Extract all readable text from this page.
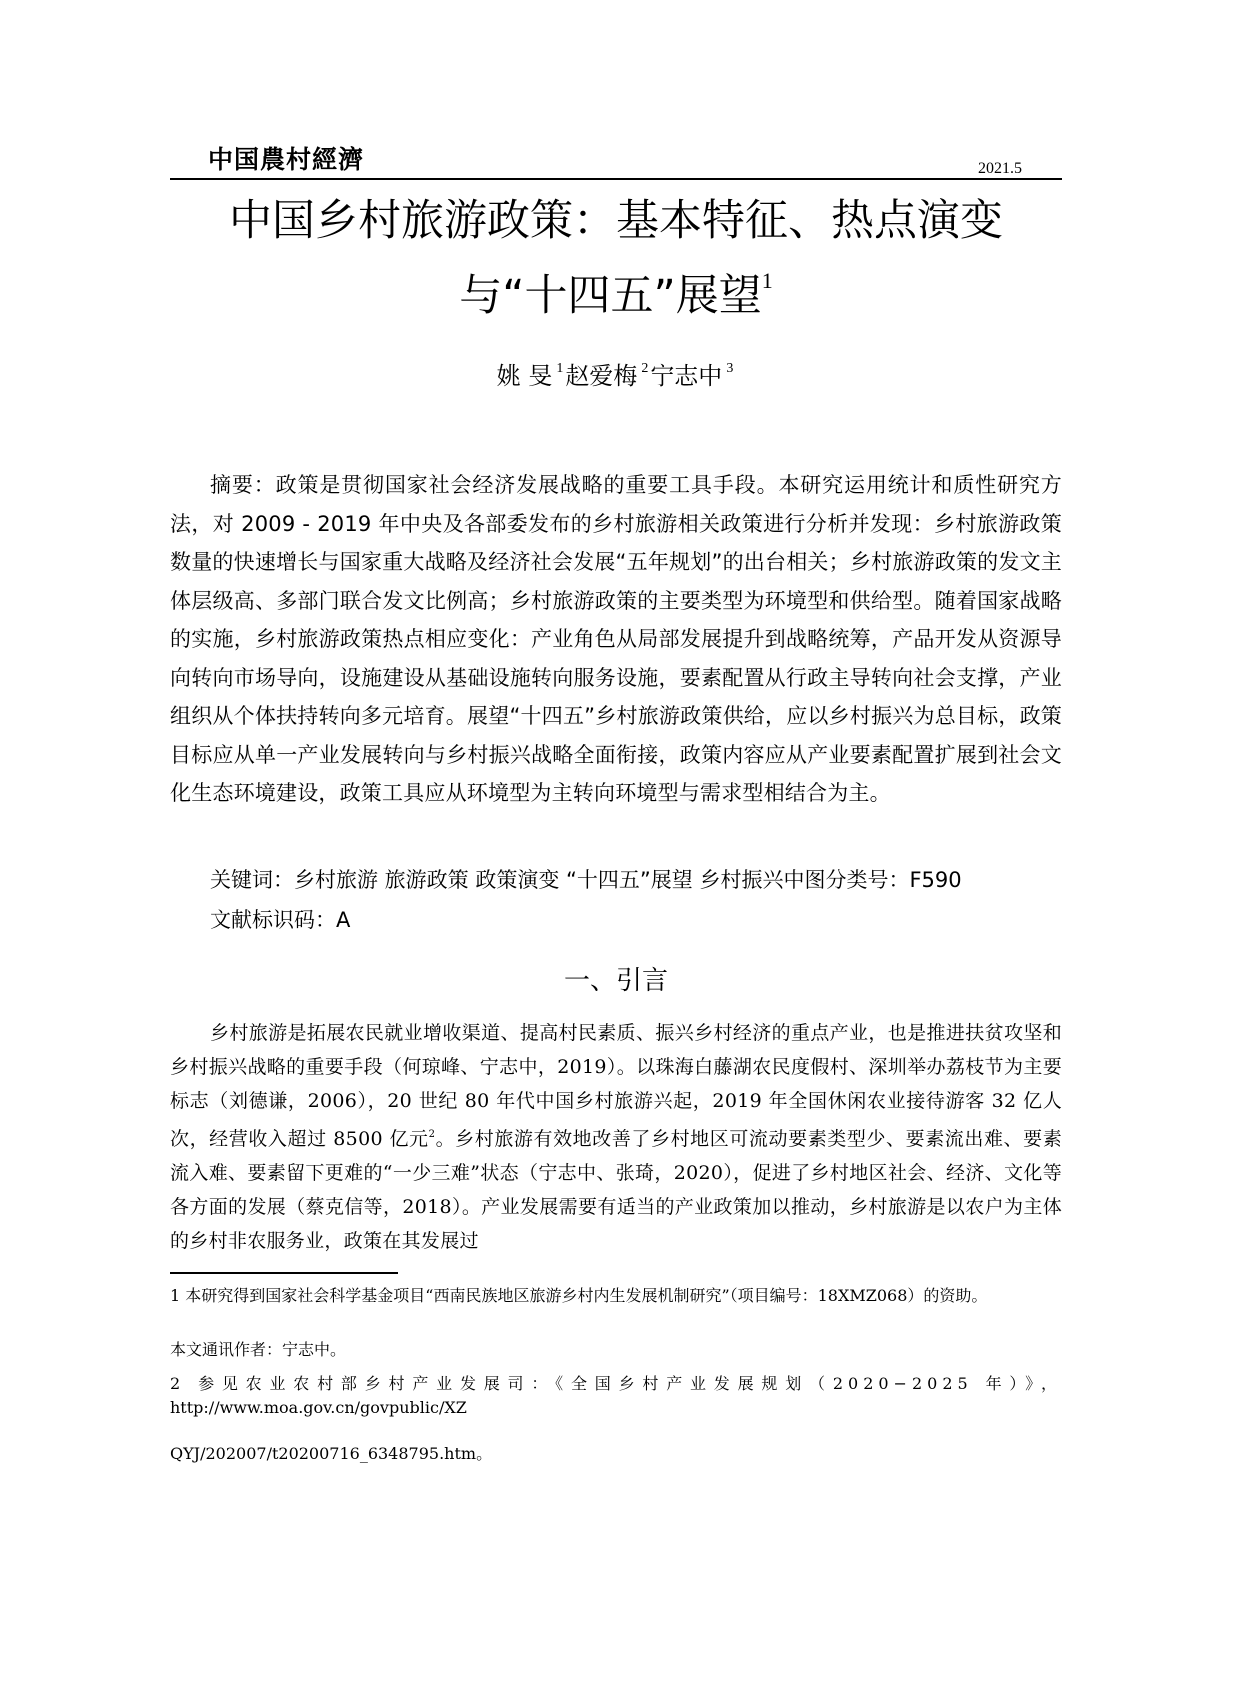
中国農村經濟	2021.5
中国乡村旅游政策：基本特征、热点演变
与“十四五”展望$^1$
姚 旻 $^1$赵爱梅 $^2$宁志中 $^3$
摘要：政策是贯彻国家社会经济发展战略的重要工具手段。本研究运用统计和质性研究方法，对 2009 - 2019 年中央及各部委发布的乡村旅游相关政策进行分析并发现：乡村旅游政策数量的快速增长与国家重大战略及经济社会发展“五年规划”的出台相关；乡村旅游政策的发文主体层级高、多部门联合发文比例高；乡村旅游政策的主要类型为环境型和供给型。随着国家战略的实施，乡村旅游政策热点相应变化：产业角色从局部发展提升到战略统筹，产品开发从资源导向转向市场导向，设施建设从基础设施转向服务设施，要素配置从行政主导转向社会支撑，产业组织从个体扶持转向多元培育。展望“十四五”乡村旅游政策供给，应以乡村振兴为总目标，政策目标应从单一产业发展转向与乡村振兴战略全面衔接，政策内容应从产业要素配置扩展到社会文化生态环境建设，政策工具应从环境型为主转向环境型与需求型相结合为主。
关键词：乡村旅游 旅游政策 政策演变 “十四五”展望 乡村振兴中图分类号：F590
文献标识码：A
一、引言
乡村旅游是拓展农民就业增收渠道、提高村民素质、振兴乡村经济的重点产业，也是推进扶贫攻坚和乡村振兴战略的重要手段（何琼峰、宁志中，2019）。以珠海白藤湖农民度假村、深圳举办荔枝节为主要标志（刘德谦，2006），20 世纪 80 年代中国乡村旅游兴起，2019 年全国休闲农业接待游客 32 亿人次，经营收入超过 8500 亿元$^2$。乡村旅游有效地改善了乡村地区可流动要素类型少、要素流出难、要素流入难、要素留下更难的“一少三难”状态（宁志中、张琦，2020），促进了乡村地区社会、经济、文化等各方面的发展（蔡克信等，2018）。产业发展需要有适当的产业政策加以推动，乡村旅游是以农户为主体的乡村非农服务业，政策在其发展过
1 本研究得到国家社会科学基金项目“西南民族地区旅游乡村内生发展机制研究”（项目编号：18XMZ068）的资助。
本文通讯作者：宁志中。
2 参见农业农村部乡村产业发展司：《全国乡村产业发展规划（2020−2025 年）》，
http://www.moa.gov.cn/govpublic/XZ
QYJ/202007/t20200716_6348795.htm。
